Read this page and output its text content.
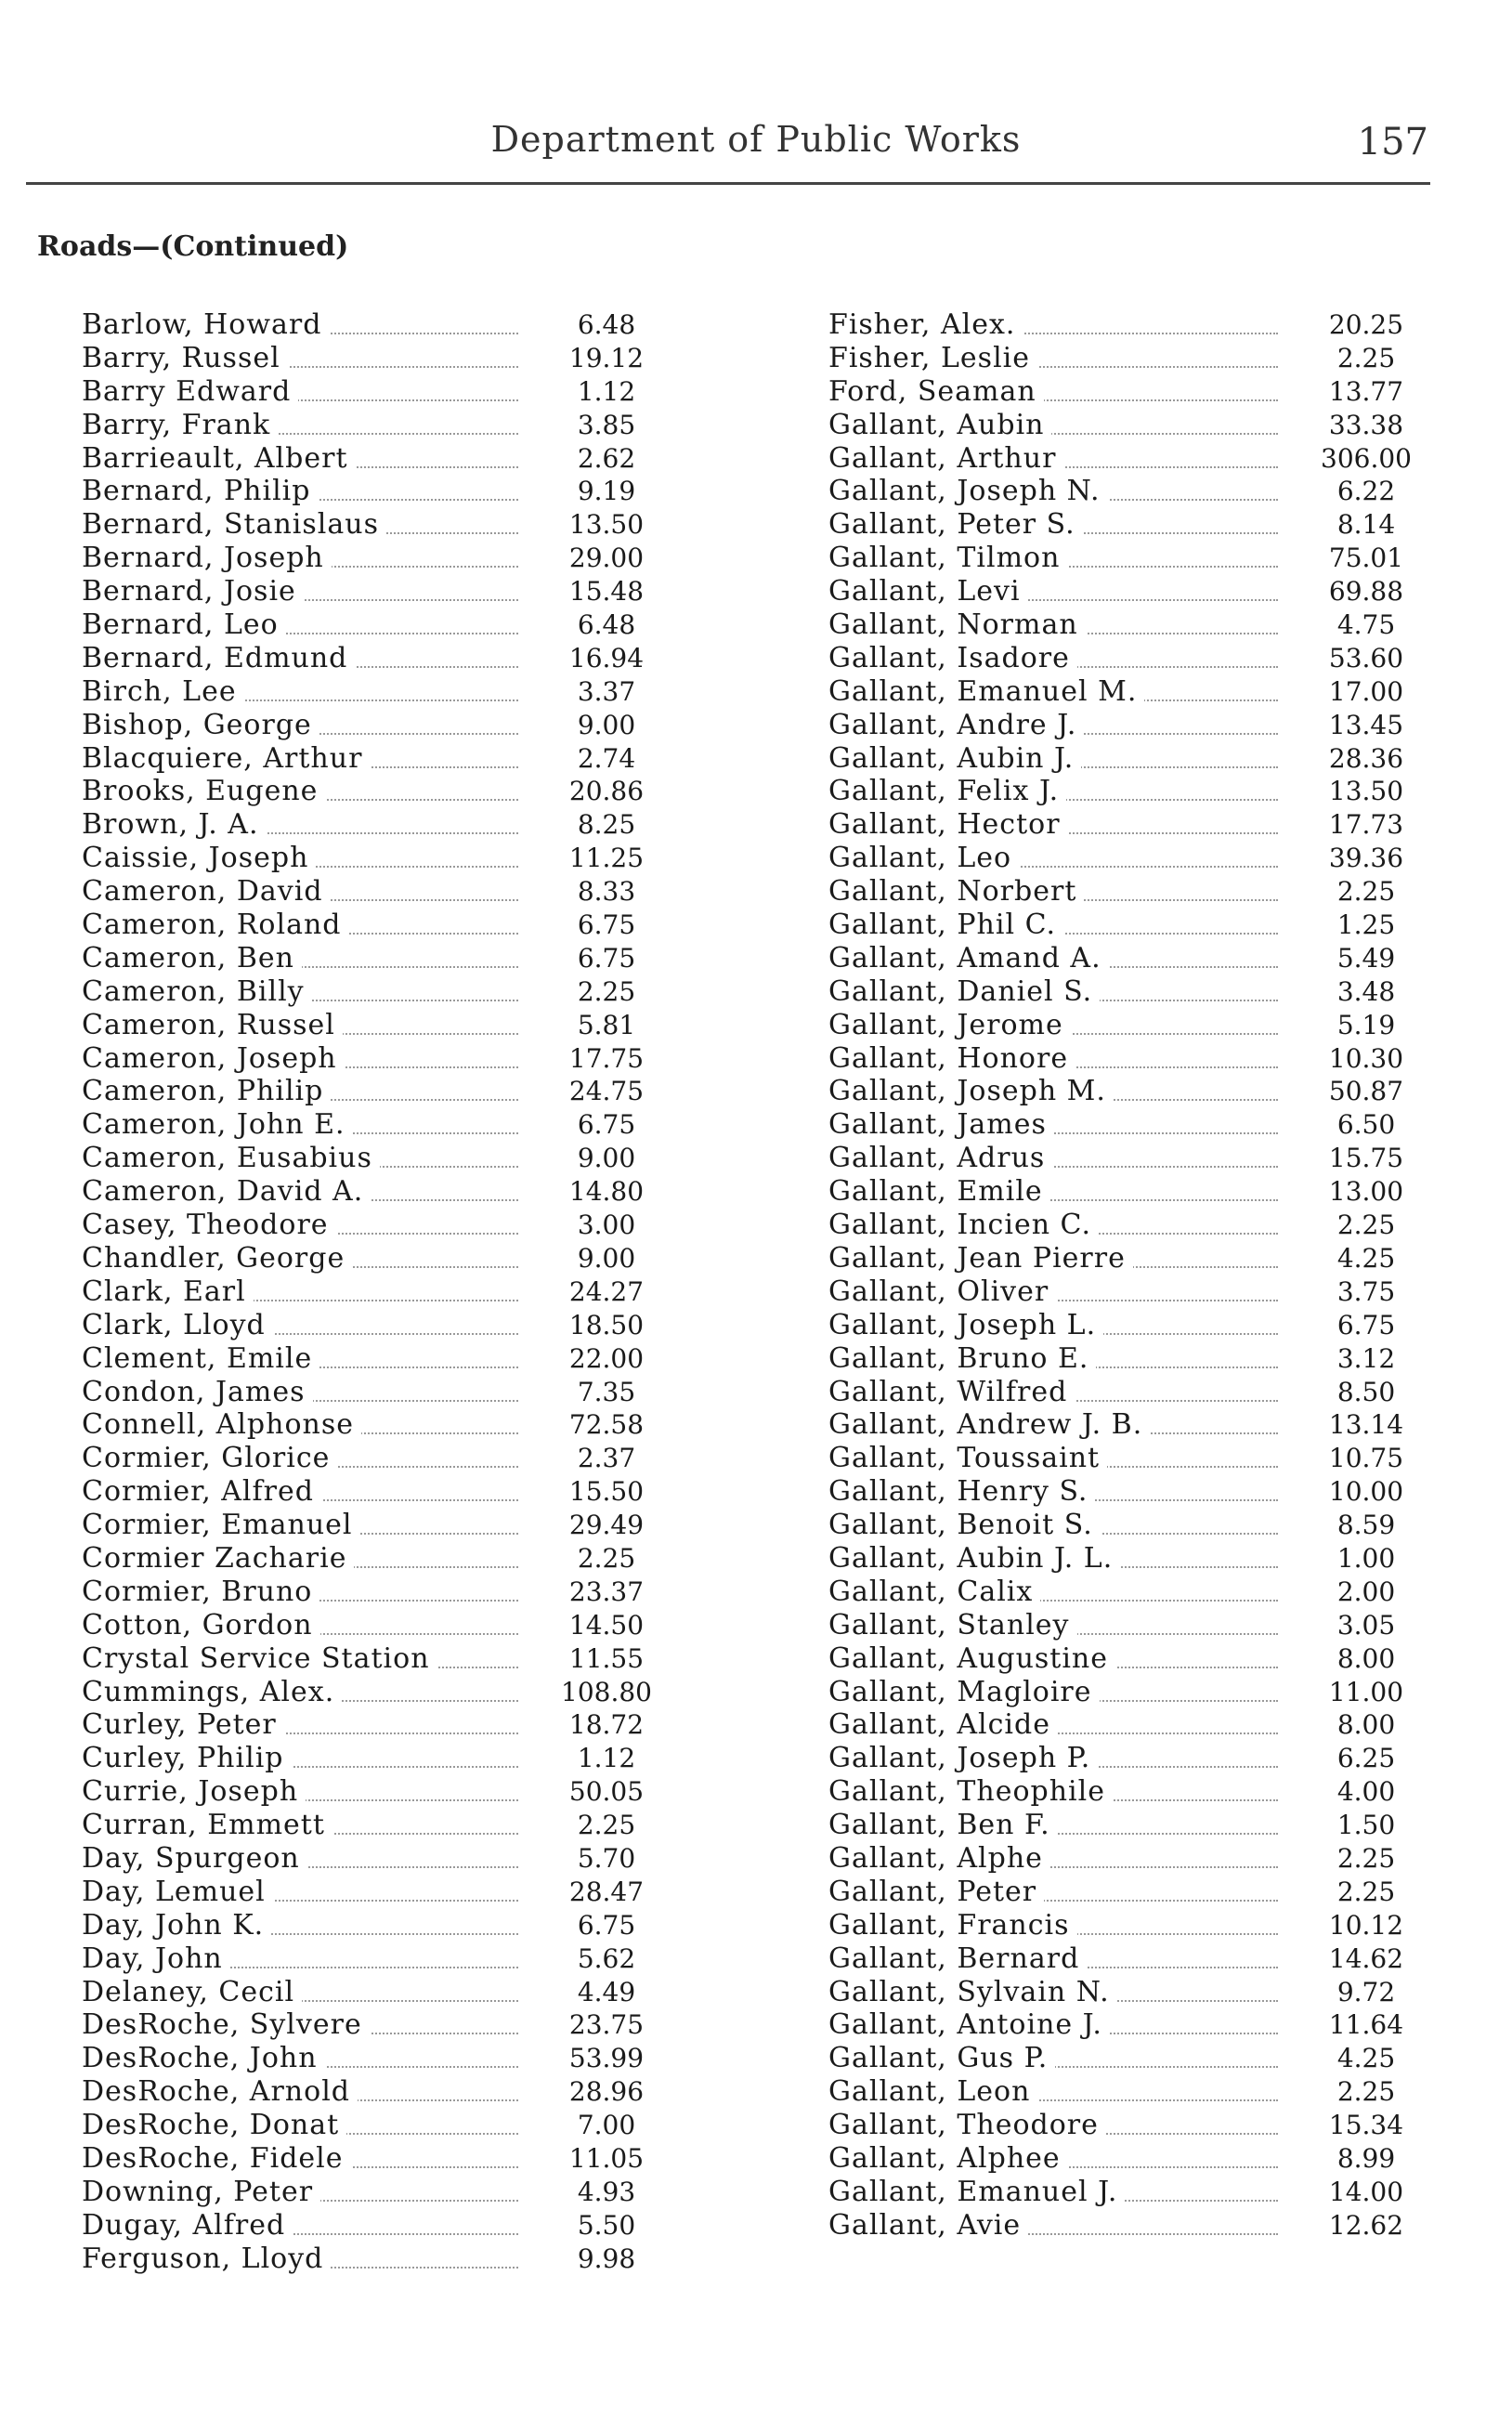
Department of Public Works	157
Roads—(Continued)
Barlow, Howard	6.48
Barry, Russel	19.12
Barry Edward	1.12
Barry, Frank	3.85
Barrieault, Albert	2.62
Bernard, Philip	9.19
Bernard, Stanislaus	13.50
Bernard, Joseph	29.00
Bernard, Josie	15.48
Bernard, Leo	6.48
Bernard, Edmund	16.94
Birch, Lee	3.37
Bishop, George	9.00
Blacquiere, Arthur	2.74
Brooks, Eugene	20.86
Brown, J. A.	8.25
Caissie, Joseph	11.25
Cameron, David	8.33
Cameron, Roland	6.75
Cameron, Ben	6.75
Cameron, Billy	2.25
Cameron, Russel	5.81
Cameron, Joseph	17.75
Cameron, Philip	24.75
Cameron, John E.	6.75
Cameron, Eusabius	9.00
Cameron, David A.	14.80
Casey, Theodore	3.00
Chandler, George	9.00
Clark, Earl	24.27
Clark, Lloyd	18.50
Clement, Emile	22.00
Condon, James	7.35
Connell, Alphonse	72.58
Cormier, Glorice	2.37
Cormier, Alfred	15.50
Cormier, Emanuel	29.49
Cormier Zacharie	2.25
Cormier, Bruno	23.37
Cotton, Gordon	14.50
Crystal Service Station	11.55
Cummings, Alex.	108.80
Curley, Peter	18.72
Curley, Philip	1.12
Currie, Joseph	50.05
Curran, Emmett	2.25
Day, Spurgeon	5.70
Day, Lemuel	28.47
Day, John K.	6.75
Day, John	5.62
Delaney, Cecil	4.49
DesRoche, Sylvere	23.75
DesRoche, John	53.99
DesRoche, Arnold	28.96
DesRoche, Donat	7.00
DesRoche, Fidele	11.05
Downing, Peter	4.93
Dugay, Alfred	5.50
Ferguson, Lloyd	9.98
Fisher, Alex.	20.25
Fisher, Leslie	2.25
Ford, Seaman	13.77
Gallant, Aubin	33.38
Gallant, Arthur	306.00
Gallant, Joseph N.	6.22
Gallant, Peter S.	8.14
Gallant, Tilmon	75.01
Gallant, Levi	69.88
Gallant, Norman	4.75
Gallant, Isadore	53.60
Gallant, Emanuel M.	17.00
Gallant, Andre J.	13.45
Gallant, Aubin J.	28.36
Gallant, Felix J.	13.50
Gallant, Hector	17.73
Gallant, Leo	39.36
Gallant, Norbert	2.25
Gallant, Phil C.	1.25
Gallant, Amand A.	5.49
Gallant, Daniel S.	3.48
Gallant, Jerome	5.19
Gallant, Honore	10.30
Gallant, Joseph M.	50.87
Gallant, James	6.50
Gallant, Adrus	15.75
Gallant, Emile	13.00
Gallant, Incien C.	2.25
Gallant, Jean Pierre	4.25
Gallant, Oliver	3.75
Gallant, Joseph L.	6.75
Gallant, Bruno E.	3.12
Gallant, Wilfred	8.50
Gallant, Andrew J. B.	13.14
Gallant, Toussaint	10.75
Gallant, Henry S.	10.00
Gallant, Benoit S.	8.59
Gallant, Aubin J. L.	1.00
Gallant, Calix	2.00
Gallant, Stanley	3.05
Gallant, Augustine	8.00
Gallant, Magloire	11.00
Gallant, Alcide	8.00
Gallant, Joseph P.	6.25
Gallant, Theophile	4.00
Gallant, Ben F.	1.50
Gallant, Alphe	2.25
Gallant, Peter	2.25
Gallant, Francis	10.12
Gallant, Bernard	14.62
Gallant, Sylvain N.	9.72
Gallant, Antoine J.	11.64
Gallant, Gus P.	4.25
Gallant, Leon	2.25
Gallant, Theodore	15.34
Gallant, Alphee	8.99
Gallant, Emanuel J.	14.00
Gallant, Avie	12.62
